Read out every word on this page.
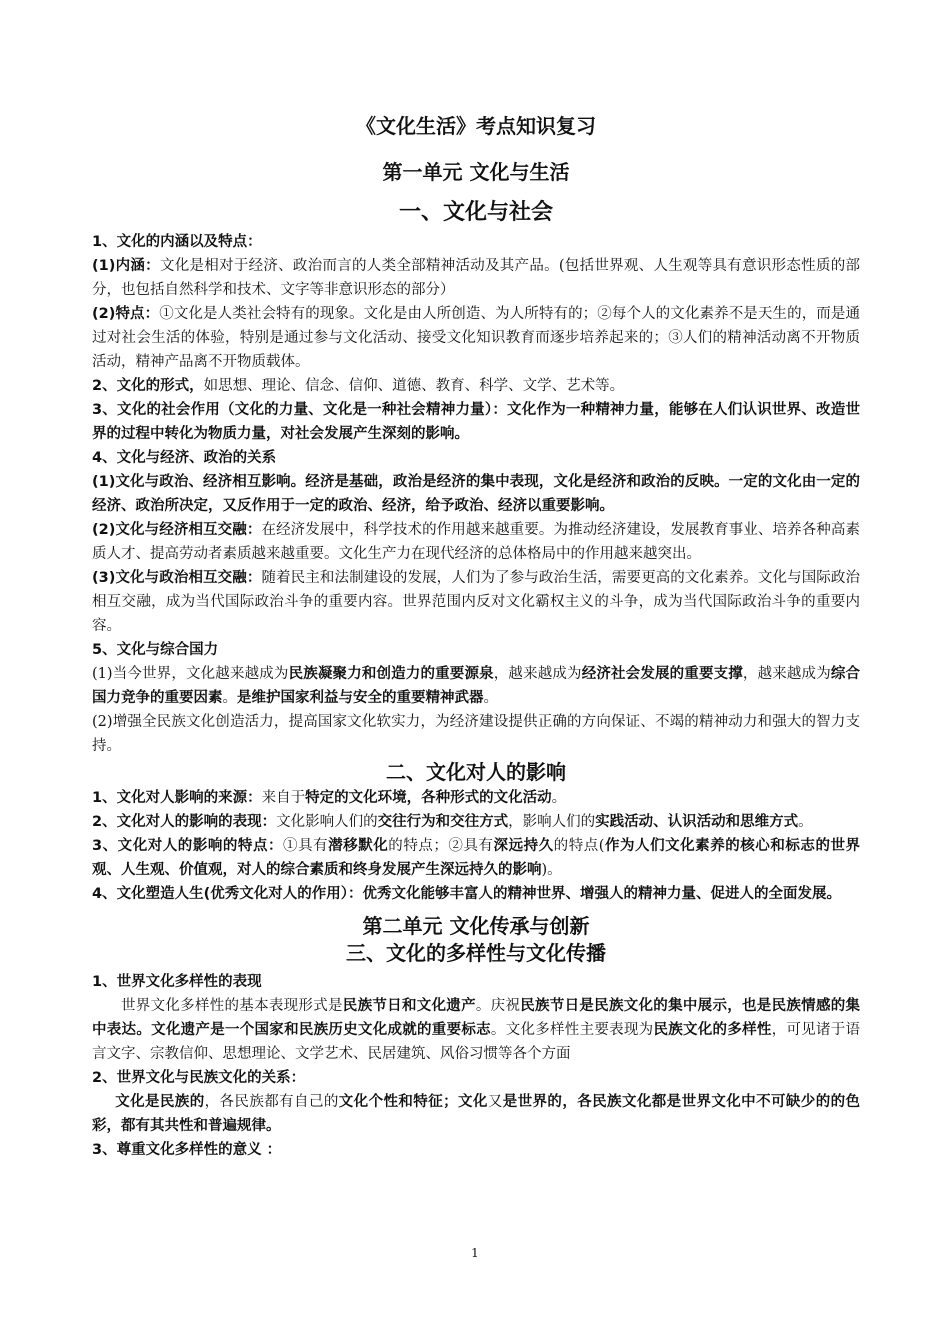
《文化生活》考点知识复习
第一单元 文化与生活
一、文化与社会

1、文化的内涵以及特点：

(1)内涵：文化是相对于经济、政治而言的人类全部精神活动及其产品。(包括世界观、人生观等具有意识形态性质的部分，也包括自然科学和技术、文字等非意识形态的部分）

(2)特点：①文化是人类社会特有的现象。文化是由人所创造、为人所特有的；②每个人的文化素养不是天生的，而是通过对社会生活的体验，特别是通过参与文化活动、接受文化知识教育而逐步培养起来的；③人们的精神活动离不开物质活动，精神产品离不开物质载体。

2、文化的形式，如思想、理论、信念、信仰、道德、教育、科学、文学、艺术等。

3、文化的社会作用（文化的力量、文化是一种社会精神力量）：文化作为一种精神力量，能够在人们认识世界、改造世界的过程中转化为物质力量，对社会发展产生深刻的影响。

4、文化与经济、政治的关系

(1)文化与政治、经济相互影响。经济是基础，政治是经济的集中表现，文化是经济和政治的反映。一定的文化由一定的经济、政治所决定，又反作用于一定的政治、经济，给予政治、经济以重要影响。

(2)文化与经济相互交融：在经济发展中，科学技术的作用越来越重要。为推动经济建设，发展教育事业、培养各种高素质人才、提高劳动者素质越来越重要。文化生产力在现代经济的总体格局中的作用越来越突出。

(3)文化与政治相互交融：随着民主和法制建设的发展，人们为了参与政治生活，需要更高的文化素养。文化与国际政治相互交融，成为当代国际政治斗争的重要内容。世界范围内反对文化霸权主义的斗争，成为当代国际政治斗争的重要内容。

5、文化与综合国力

(1)当今世界，文化越来越成为民族凝聚力和创造力的重要源泉，越来越成为经济社会发展的重要支撑，越来越成为综合国力竞争的重要因素。是维护国家利益与安全的重要精神武器。

(2)增强全民族文化创造活力，提高国家文化软实力，为经济建设提供正确的方向保证、不竭的精神动力和强大的智力支持。

二、文化对人的影响

1、文化对人影响的来源：来自于特定的文化环境，各种形式的文化活动。

2、文化对人的影响的表现：文化影响人们的交往行为和交往方式，影响人们的实践活动、认识活动和思维方式。

3、文化对人的影响的特点：①具有潜移默化的特点；②具有深远持久的特点(作为人们文化素养的核心和标志的世界观、人生观、价值观，对人的综合素质和终身发展产生深远持久的影响)。

4、文化塑造人生(优秀文化对人的作用）：优秀文化能够丰富人的精神世界、增强人的精神力量、促进人的全面发展。

第二单元 文化传承与创新
三、文化的多样性与文化传播

1、世界文化多样性的表现

世界文化多样性的基本表现形式是民族节日和文化遗产。庆祝民族节日是民族文化的集中展示，也是民族情感的集中表达。文化遗产是一个国家和民族历史文化成就的重要标志。文化多样性主要表现为民族文化的多样性，可见诸于语言文字、宗教信仰、思想理论、文学艺术、民居建筑、风俗习惯等各个方面

2、世界文化与民族文化的关系：

文化是民族的，各民族都有自己的文化个性和特征；文化又是世界的，各民族文化都是世界文化中不可缺少的的色彩，都有其共性和普遍规律。

3、尊重文化多样性的意义 ：

1
